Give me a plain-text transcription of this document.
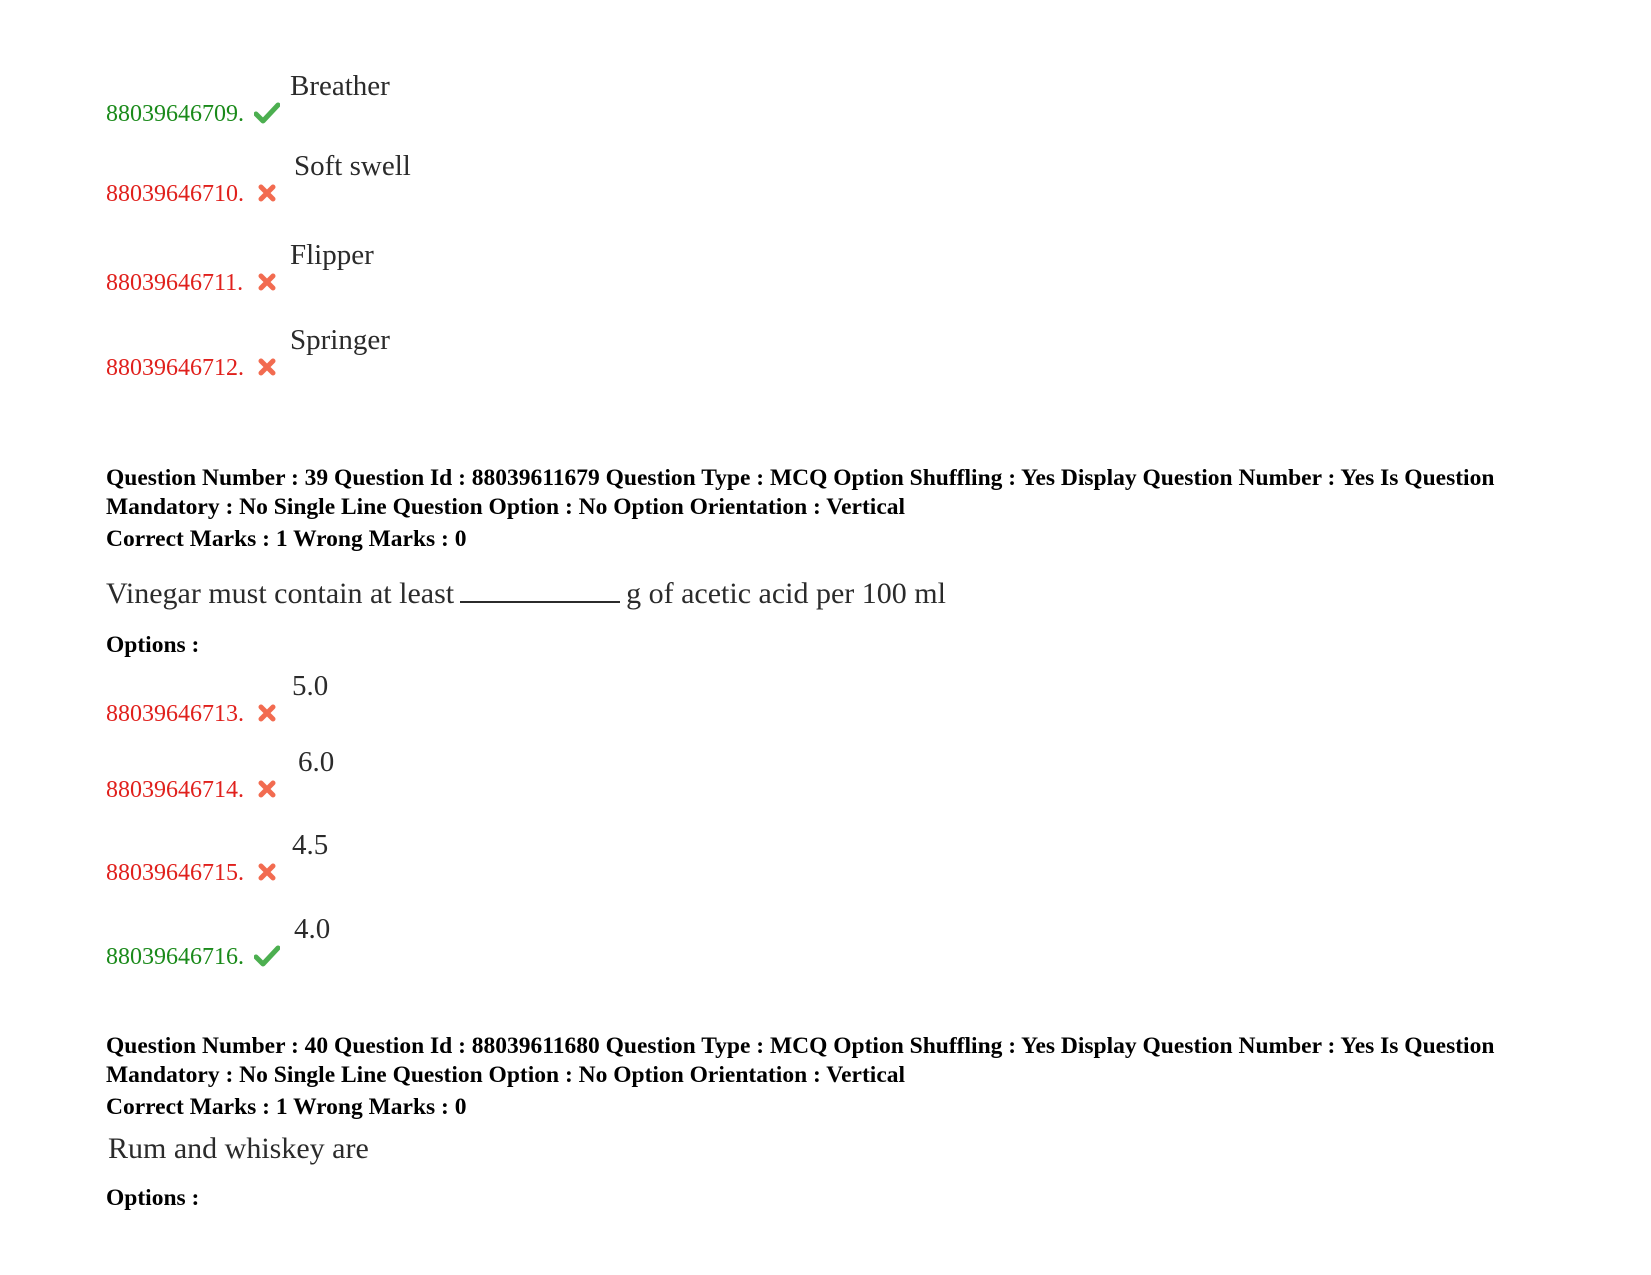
88039646709.
Breather
88039646710.
Soft swell
88039646711.
Flipper
88039646712.
Springer
Question Number : 39 Question Id : 88039611679 Question Type : MCQ Option Shuffling : Yes Display Question Number : Yes Is Question Mandatory : No Single Line Question Option : No Option Orientation : Vertical
Correct Marks : 1 Wrong Marks : 0
Vinegar must contain at least	g of acetic acid per 100 ml
Options :
88039646713.
5.0
88039646714.
6.0
88039646715.
4.5
88039646716.
4.0
Question Number : 40 Question Id : 88039611680 Question Type : MCQ Option Shuffling : Yes Display Question Number : Yes Is Question Mandatory : No Single Line Question Option : No Option Orientation : Vertical
Correct Marks : 1 Wrong Marks : 0
Rum and whiskey are
Options :
